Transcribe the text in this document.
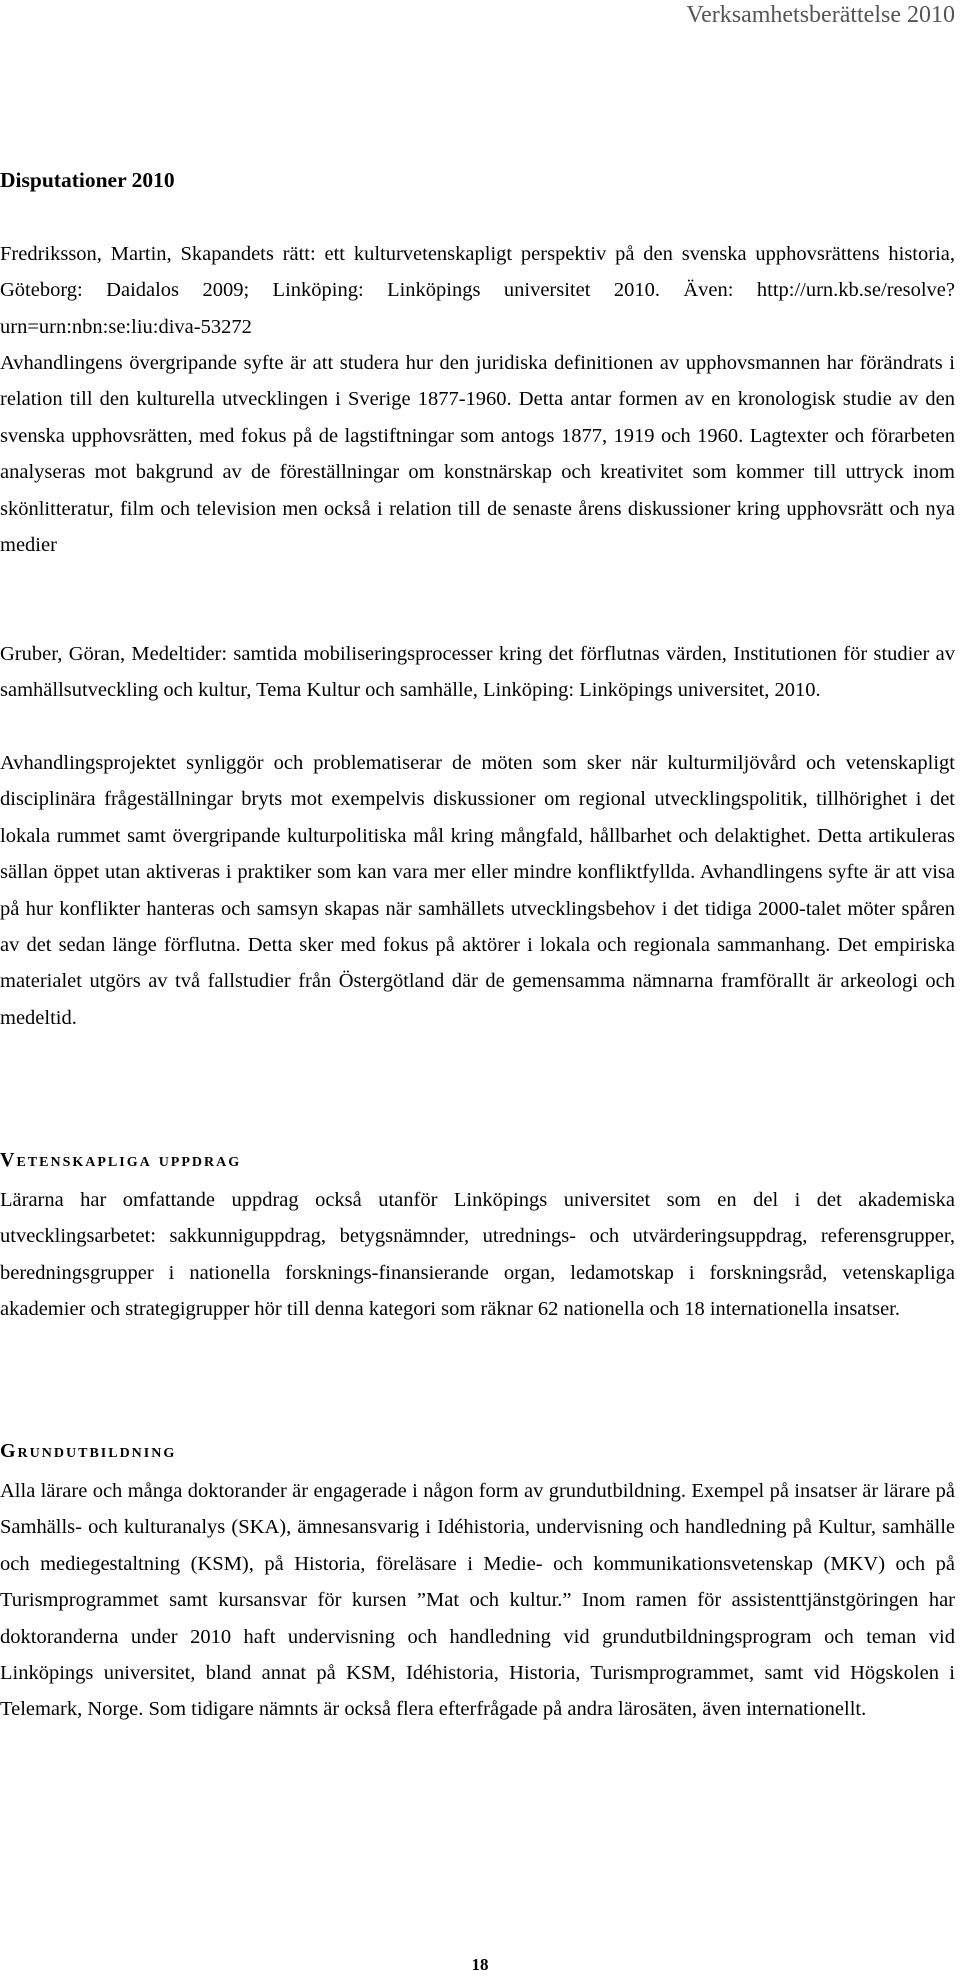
Verksamhetsberättelse 2010
Disputationer 2010

Fredriksson, Martin, Skapandets rätt: ett kulturvetenskapligt perspektiv på den svenska upphovsrättens historia, Göteborg: Daidalos 2009; Linköping: Linköpings universitet 2010. Även: http://urn.kb.se/resolve?urn=urn:nbn:se:liu:diva-53272

Avhandlingens övergripande syfte är att studera hur den juridiska definitionen av upphovsmannen har förändrats i relation till den kulturella utvecklingen i Sverige 1877-1960. Detta antar formen av en kronologisk studie av den svenska upphovsrätten, med fokus på de lagstiftningar som antogs 1877, 1919 och 1960. Lagtexter och förarbeten analyseras mot bakgrund av de föreställningar om konstnärskap och kreativitet som kommer till uttryck inom skönlitteratur, film och television men också i relation till de senaste årens diskussioner kring upphovsrätt och nya medier

Gruber, Göran, Medeltider: samtida mobiliseringsprocesser kring det förflutnas värden, Institutionen för studier av samhällsutveckling och kultur, Tema Kultur och samhälle, Linköping: Linköpings universitet, 2010.

Avhandlingsprojektet synliggör och problematiserar de möten som sker när kulturmiljövård och vetenskapligt disciplinära frågeställningar bryts mot exempelvis diskussioner om regional utvecklingspolitik, tillhörighet i det lokala rummet samt övergripande kulturpolitiska mål kring mångfald, hållbarhet och delaktighet. Detta artikuleras sällan öppet utan aktiveras i praktiker som kan vara mer eller mindre konfliktfyllda. Avhandlingens syfte är att visa på hur konflikter hanteras och samsyn skapas när samhällets utvecklingsbehov i det tidiga 2000-talet möter spåren av det sedan länge förflutna. Detta sker med fokus på aktörer i lokala och regionala sammanhang. Det empiriska materialet utgörs av två fallstudier från Östergötland där de gemensamma nämnarna framförallt är arkeologi och medeltid.

Vetenskapliga uppdrag

Lärarna har omfattande uppdrag också utanför Linköpings universitet som en del i det akademiska utvecklingsarbetet: sakkunniguppdrag, betygsnämnder, utrednings- och utvärderingsuppdrag, referensgrupper, beredningsgrupper i nationella forsknings-finansierande organ, ledamotskap i forskningsråd, vetenskapliga akademier och strategigrupper hör till denna kategori som räknar 62 nationella och 18 internationella insatser.

Grundutbildning

Alla lärare och många doktorander är engagerade i någon form av grundutbildning. Exempel på insatser är lärare på Samhälls- och kulturanalys (SKA), ämnesansvarig i Idéhistoria, undervisning och handledning på Kultur, samhälle och mediegestaltning (KSM), på Historia, föreläsare i Medie- och kommunikationsvetenskap (MKV) och på Turismprogrammet samt kursansvar för kursen ”Mat och kultur.” Inom ramen för assistenttjänstgöringen har doktoranderna under 2010 haft undervisning och handledning vid grundutbildningsprogram och teman vid Linköpings universitet, bland annat på KSM, Idéhistoria, Historia, Turismprogrammet, samt vid Högskolen i Telemark, Norge. Som tidigare nämnts är också flera efterfrågade på andra lärosäten, även internationellt.

18
